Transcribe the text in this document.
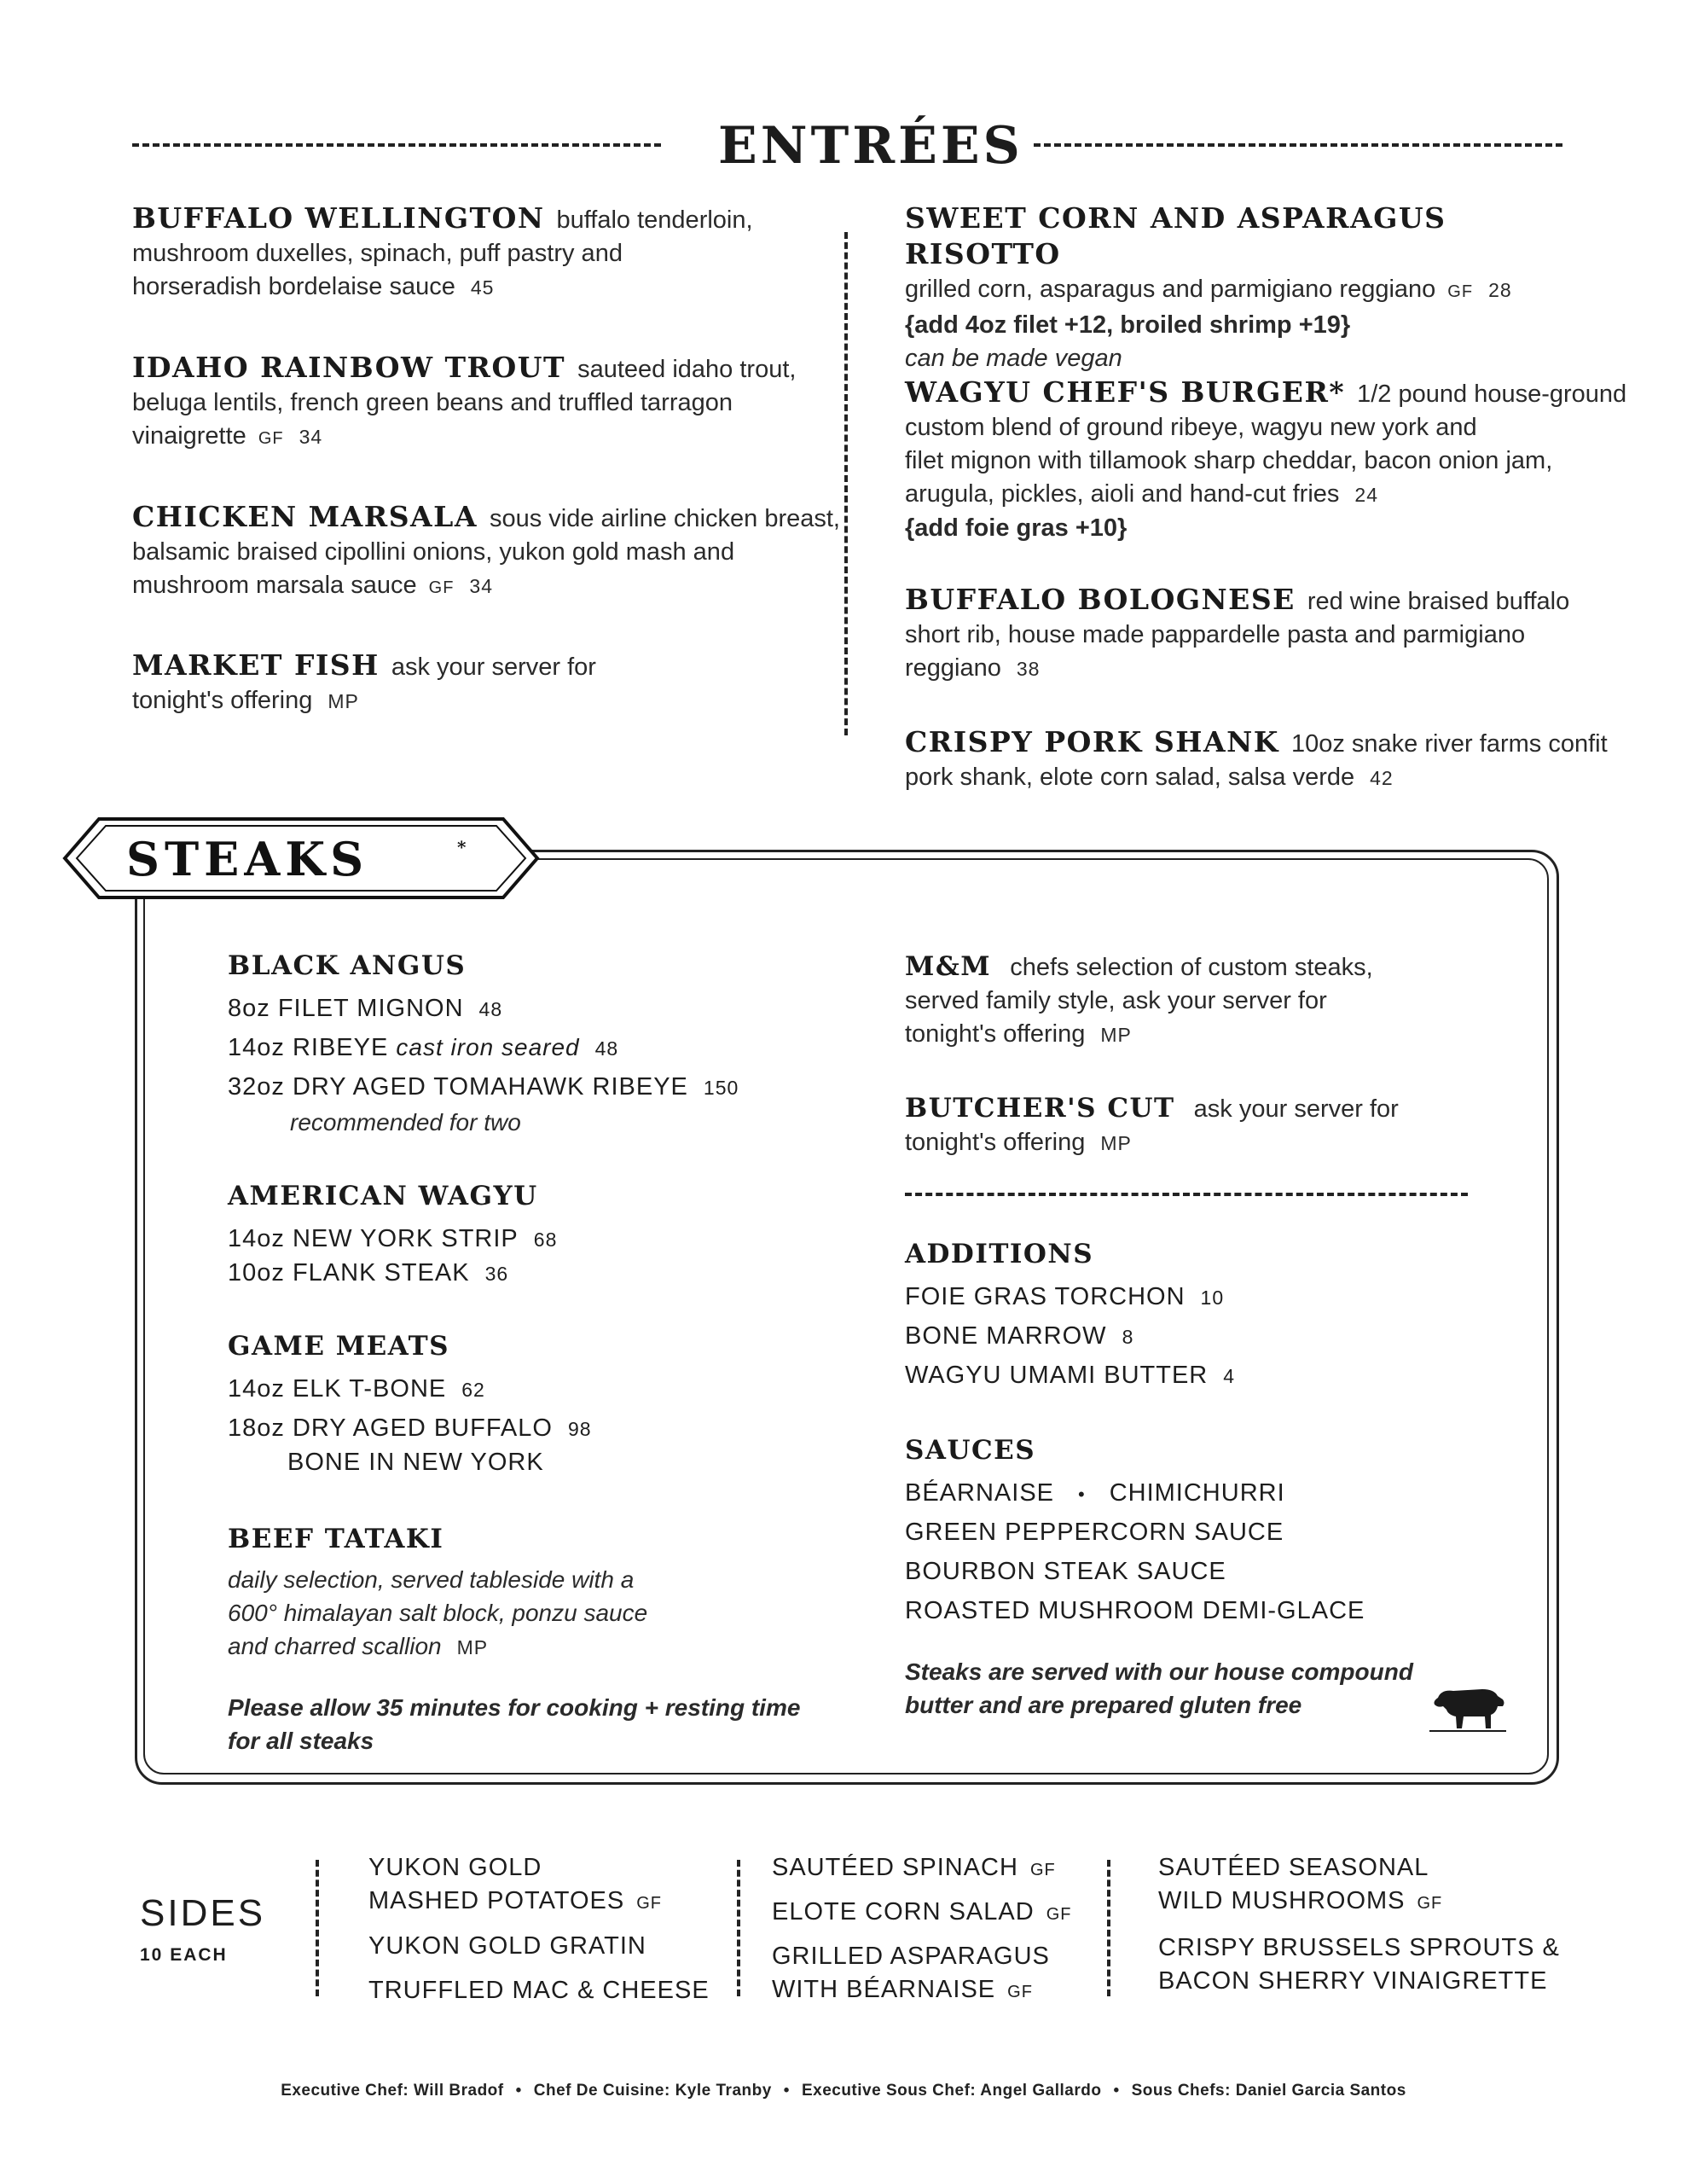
ENTRÉES
BUFFALO WELLINGTON buffalo tenderloin,
mushroom duxelles, spinach, puff pastry and
horseradish bordelaise sauce 45
IDAHO RAINBOW TROUT sauteed idaho trout,
beluga lentils, french green beans and truffled tarragon
vinaigrette GF 34
CHICKEN MARSALA sous vide airline chicken breast,
balsamic braised cipollini onions, yukon gold mash and
mushroom marsala sauce GF 34
MARKET FISH ask your server for
tonight's offering MP
SWEET CORN AND ASPARAGUS RISOTTO
grilled corn, asparagus and parmigiano reggiano GF 28
{add 4oz filet +12, broiled shrimp +19}
can be made vegan
WAGYU CHEF'S BURGER* 1/2 pound house-ground
custom blend of ground ribeye, wagyu new york and
filet mignon with tillamook sharp cheddar, bacon onion jam,
arugula, pickles, aioli and hand-cut fries 24
{add foie gras +10}
BUFFALO BOLOGNESE red wine braised buffalo
short rib, house made pappardelle pasta and parmigiano
reggiano 38
CRISPY PORK SHANK 10oz snake river farms confit
pork shank, elote corn salad, salsa verde 42
STEAKS	*
BLACK ANGUS
8oz FILET MIGNON 48
14oz RIBEYE cast iron seared 48
32oz DRY AGED TOMAHAWK RIBEYE 150
recommended for two
AMERICAN WAGYU
14oz NEW YORK STRIP 68
10oz FLANK STEAK 36
GAME MEATS
14oz ELK T-BONE 62
18oz DRY AGED BUFFALO 98
BONE IN NEW YORK
BEEF TATAKI
daily selection, served tableside with a
600° himalayan salt block, ponzu sauce
and charred scallion MP
Please allow 35 minutes for cooking + resting time
for all steaks
M&M chefs selection of custom steaks,
served family style, ask your server for
tonight's offering MP
BUTCHER'S CUT ask your server for
tonight's offering MP
ADDITIONS
FOIE GRAS TORCHON 10
BONE MARROW 8
WAGYU UMAMI BUTTER 4
SAUCES
BÉARNAISE • CHIMICHURRI
GREEN PEPPERCORN SAUCE
BOURBON STEAK SAUCE
ROASTED MUSHROOM DEMI-GLACE
Steaks are served with our house compound
butter and are prepared gluten free
SIDES
10 EACH
YUKON GOLD
MASHED POTATOES GF
YUKON GOLD GRATIN
TRUFFLED MAC & CHEESE
SAUTÉED SPINACH GF
ELOTE CORN SALAD GF
GRILLED ASPARAGUS
WITH BÉARNAISE GF
SAUTÉED SEASONAL
WILD MUSHROOMS GF
CRISPY BRUSSELS SPROUTS &
BACON SHERRY VINAIGRETTE
Executive Chef: Will Bradof • Chef De Cuisine: Kyle Tranby • Executive Sous Chef: Angel Gallardo • Sous Chefs: Daniel Garcia Santos
